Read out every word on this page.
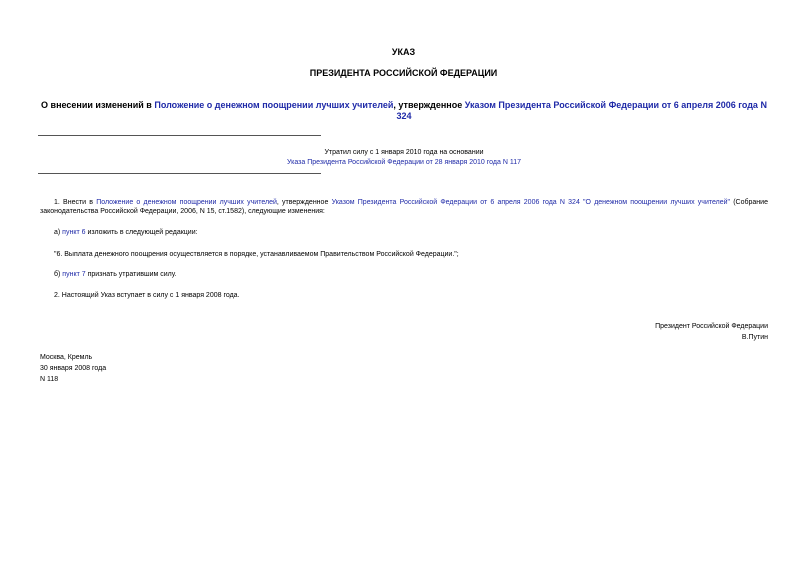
УКАЗ
ПРЕЗИДЕНТА РОССИЙСКОЙ ФЕДЕРАЦИИ
О внесении изменений в Положение о денежном поощрении лучших учителей, утвержденное Указом Президента Российской Федерации от 6 апреля 2006 года N 324
Утратил силу с 1 января 2010 года на основании
Указа Президента Российской Федерации от 28 января 2010 года N 117
1. Внести в Положение о денежном поощрении лучших учителей, утвержденное Указом Президента Российской Федерации от 6 апреля 2006 года N 324 "О денежном поощрении лучших учителей" (Собрание законодательства Российской Федерации, 2006, N 15, ст.1582), следующие изменения:
а) пункт 6 изложить в следующей редакции:
"6. Выплата денежного поощрения осуществляется в порядке, устанавливаемом Правительством Российской Федерации.";
б) пункт 7 признать утратившим силу.
2. Настоящий Указ вступает в силу с 1 января 2008 года.
Президент Российской Федерации
В.Путин
Москва, Кремль
30 января 2008 года
N 118
